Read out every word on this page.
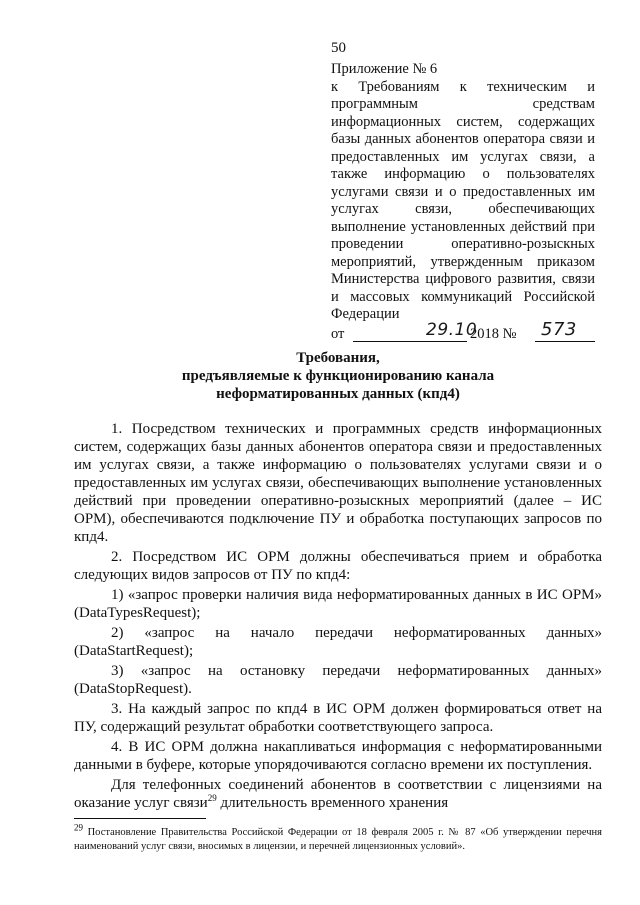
50

Приложение № 6

к Требованиям к техническим и программным средствам информационных систем, содержащих базы данных абонентов оператора связи и предоставленных им услугах связи, а также информацию о пользователях услугами связи и о предоставленных им услугах связи, обеспечивающих выполнение установленных действий при проведении оперативно-розыскных мероприятий, утвержденным приказом Министерства цифрового развития, связи и массовых коммуникаций Российской Федерации

от	29.10
2018 № 573
Требования,
предъявляемые к функционированию канала
неформатированных данных (кпд4)

1. Посредством технических и программных средств информационных систем, содержащих базы данных абонентов оператора связи и предоставленных им услугах связи, а также информацию о пользователях услугами связи и о предоставленных им услугах связи, обеспечивающих выполнение установленных действий при проведении оперативно-розыскных мероприятий (далее – ИС ОРМ), обеспечиваются подключение ПУ и обработка поступающих запросов по кпд4.

2. Посредством ИС ОРМ должны обеспечиваться прием и обработка следующих видов запросов от ПУ по кпд4:

1) «запрос проверки наличия вида неформатированных данных в ИС ОРМ» (DataTypesRequest);

2) «запрос на начало передачи неформатированных данных» (DataStartRequest);

3) «запрос на остановку передачи неформатированных данных» (DataStopRequest).

3. На каждый запрос по кпд4 в ИС ОРМ должен формироваться ответ на ПУ, содержащий результат обработки соответствующего запроса.

4. В ИС ОРМ должна накапливаться информация с неформатированными данными в буфере, которые упорядочиваются согласно времени их поступления.

Для телефонных соединений абонентов в соответствии с лицензиями на оказание услуг связи$^{29}$ длительность временного хранения

$^{29}$ Постановление Правительства Российской Федерации от 18 февраля 2005 г. № 87 «Об утверждении перечня наименований услуг связи, вносимых в лицензии, и перечней лицензионных условий».
